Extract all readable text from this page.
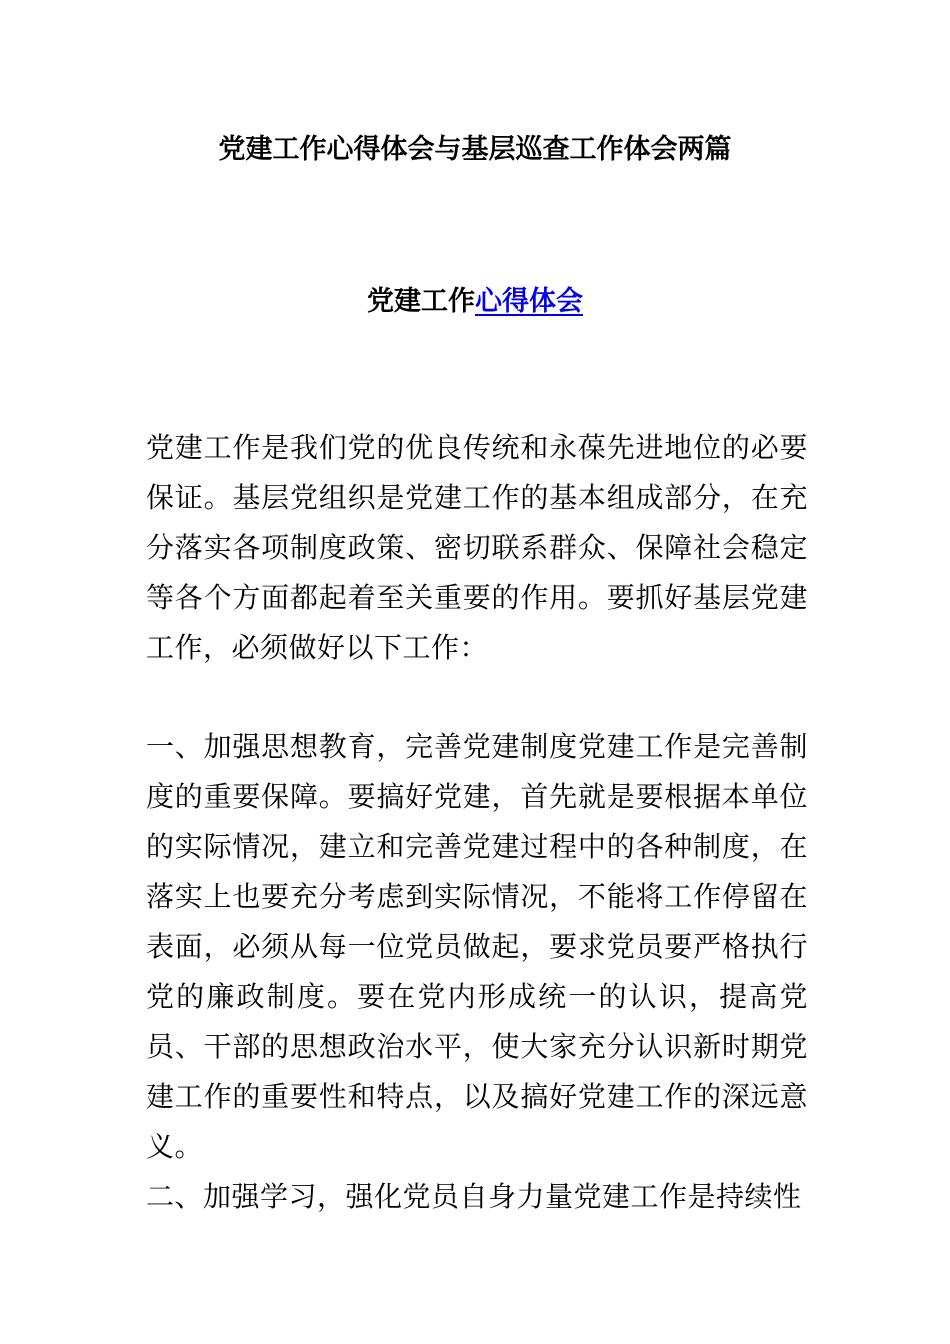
党建工作心得体会与基层巡查工作体会两篇
党建工作心得体会

党建工作是我们党的优良传统和永葆先进地位的必要保证。基层党组织是党建工作的基本组成部分，在充分落实各项制度政策、密切联系群众、保障社会稳定等各个方面都起着至关重要的作用。要抓好基层党建工作，必须做好以下工作：

一、加强思想教育，完善党建制度党建工作是完善制度的重要保障。要搞好党建，首先就是要根据本单位的实际情况，建立和完善党建过程中的各种制度，在落实上也要充分考虑到实际情况，不能将工作停留在表面，必须从每一位党员做起，要求党员要严格执行党的廉政制度。要在党内形成统一的认识，提高党员、干部的思想政治水平，使大家充分认识新时期党建工作的重要性和特点，以及搞好党建工作的深远意义。

二、加强学习，强化党员自身力量党建工作是持续性
